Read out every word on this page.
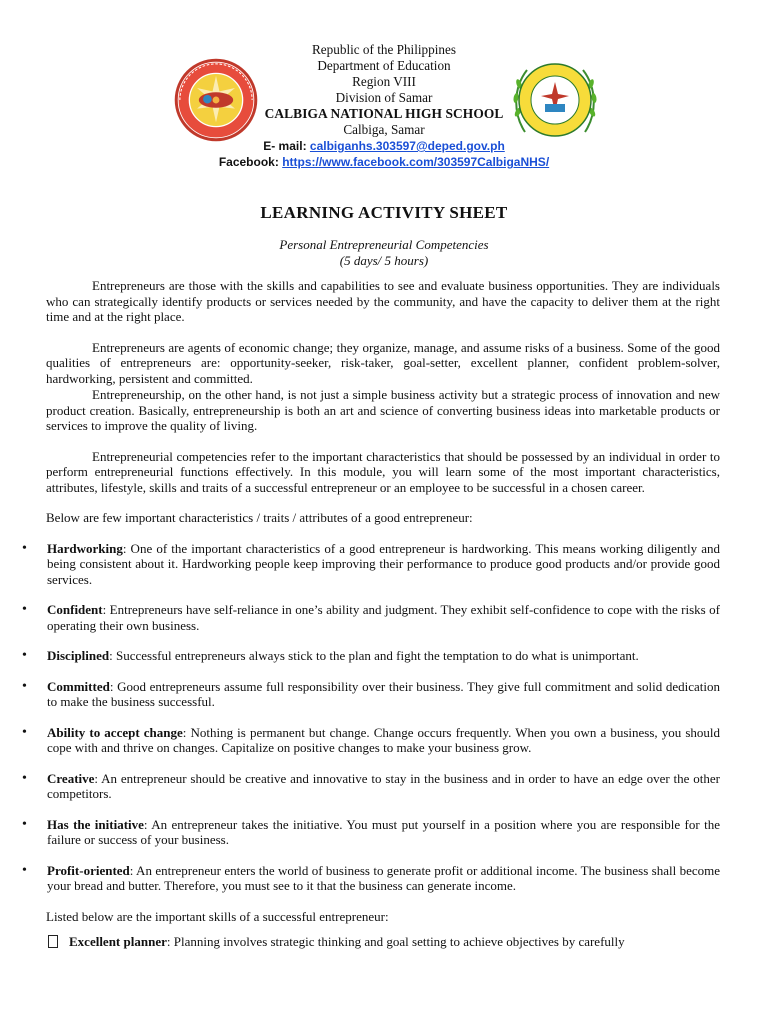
Republic of the Philippines
Department of Education
Region VIII
Division of Samar
CALBIGA NATIONAL HIGH SCHOOL
Calbiga, Samar
E- mail: calbiganhs.303597@deped.gov.ph
Facebook: https://www.facebook.com/303597CalbigaNHS/
LEARNING ACTIVITY SHEET
Personal Entrepreneurial Competencies
(5 days/ 5 hours)

Entrepreneurs are those with the skills and capabilities to see and evaluate business opportunities. They are individuals who can strategically identify products or services needed by the community, and have the capacity to deliver them at the right time and at the right place.

Entrepreneurs are agents of economic change; they organize, manage, and assume risks of a business. Some of the good qualities of entrepreneurs are: opportunity-seeker, risk-taker, goal-setter, excellent planner, confident problem-solver, hardworking, persistent and committed.

Entrepreneurship, on the other hand, is not just a simple business activity but a strategic process of innovation and new product creation. Basically, entrepreneurship is both an art and science of converting business ideas into marketable products or services to improve the quality of living.

Entrepreneurial competencies refer to the important characteristics that should be possessed by an individual in order to perform entrepreneurial functions effectively. In this module, you will learn some of the most important characteristics, attributes, lifestyle, skills and traits of a successful entrepreneur or an employee to be successful in a chosen career.

Below are few important characteristics / traits / attributes of a good entrepreneur:

• Hardworking: One of the important characteristics of a good entrepreneur is hardworking. This means working diligently and being consistent about it. Hardworking people keep improving their performance to produce good products and/or provide good services.
• Confident: Entrepreneurs have self-reliance in one’s ability and judgment. They exhibit self-confidence to cope with the risks of operating their own business.
• Disciplined: Successful entrepreneurs always stick to the plan and fight the temptation to do what is unimportant.
• Committed: Good entrepreneurs assume full responsibility over their business. They give full commitment and solid dedication to make the business successful.
• Ability to accept change: Nothing is permanent but change. Change occurs frequently. When you own a business, you should cope with and thrive on changes. Capitalize on positive changes to make your business grow.
• Creative: An entrepreneur should be creative and innovative to stay in the business and in order to have an edge over the other competitors.
• Has the initiative: An entrepreneur takes the initiative. You must put yourself in a position where you are responsible for the failure or success of your business.
• Profit-oriented: An entrepreneur enters the world of business to generate profit or additional income. The business shall become your bread and butter. Therefore, you must see to it that the business can generate income.

Listed below are the important skills of a successful entrepreneur:

Excellent planner: Planning involves strategic thinking and goal setting to achieve objectives by carefully
